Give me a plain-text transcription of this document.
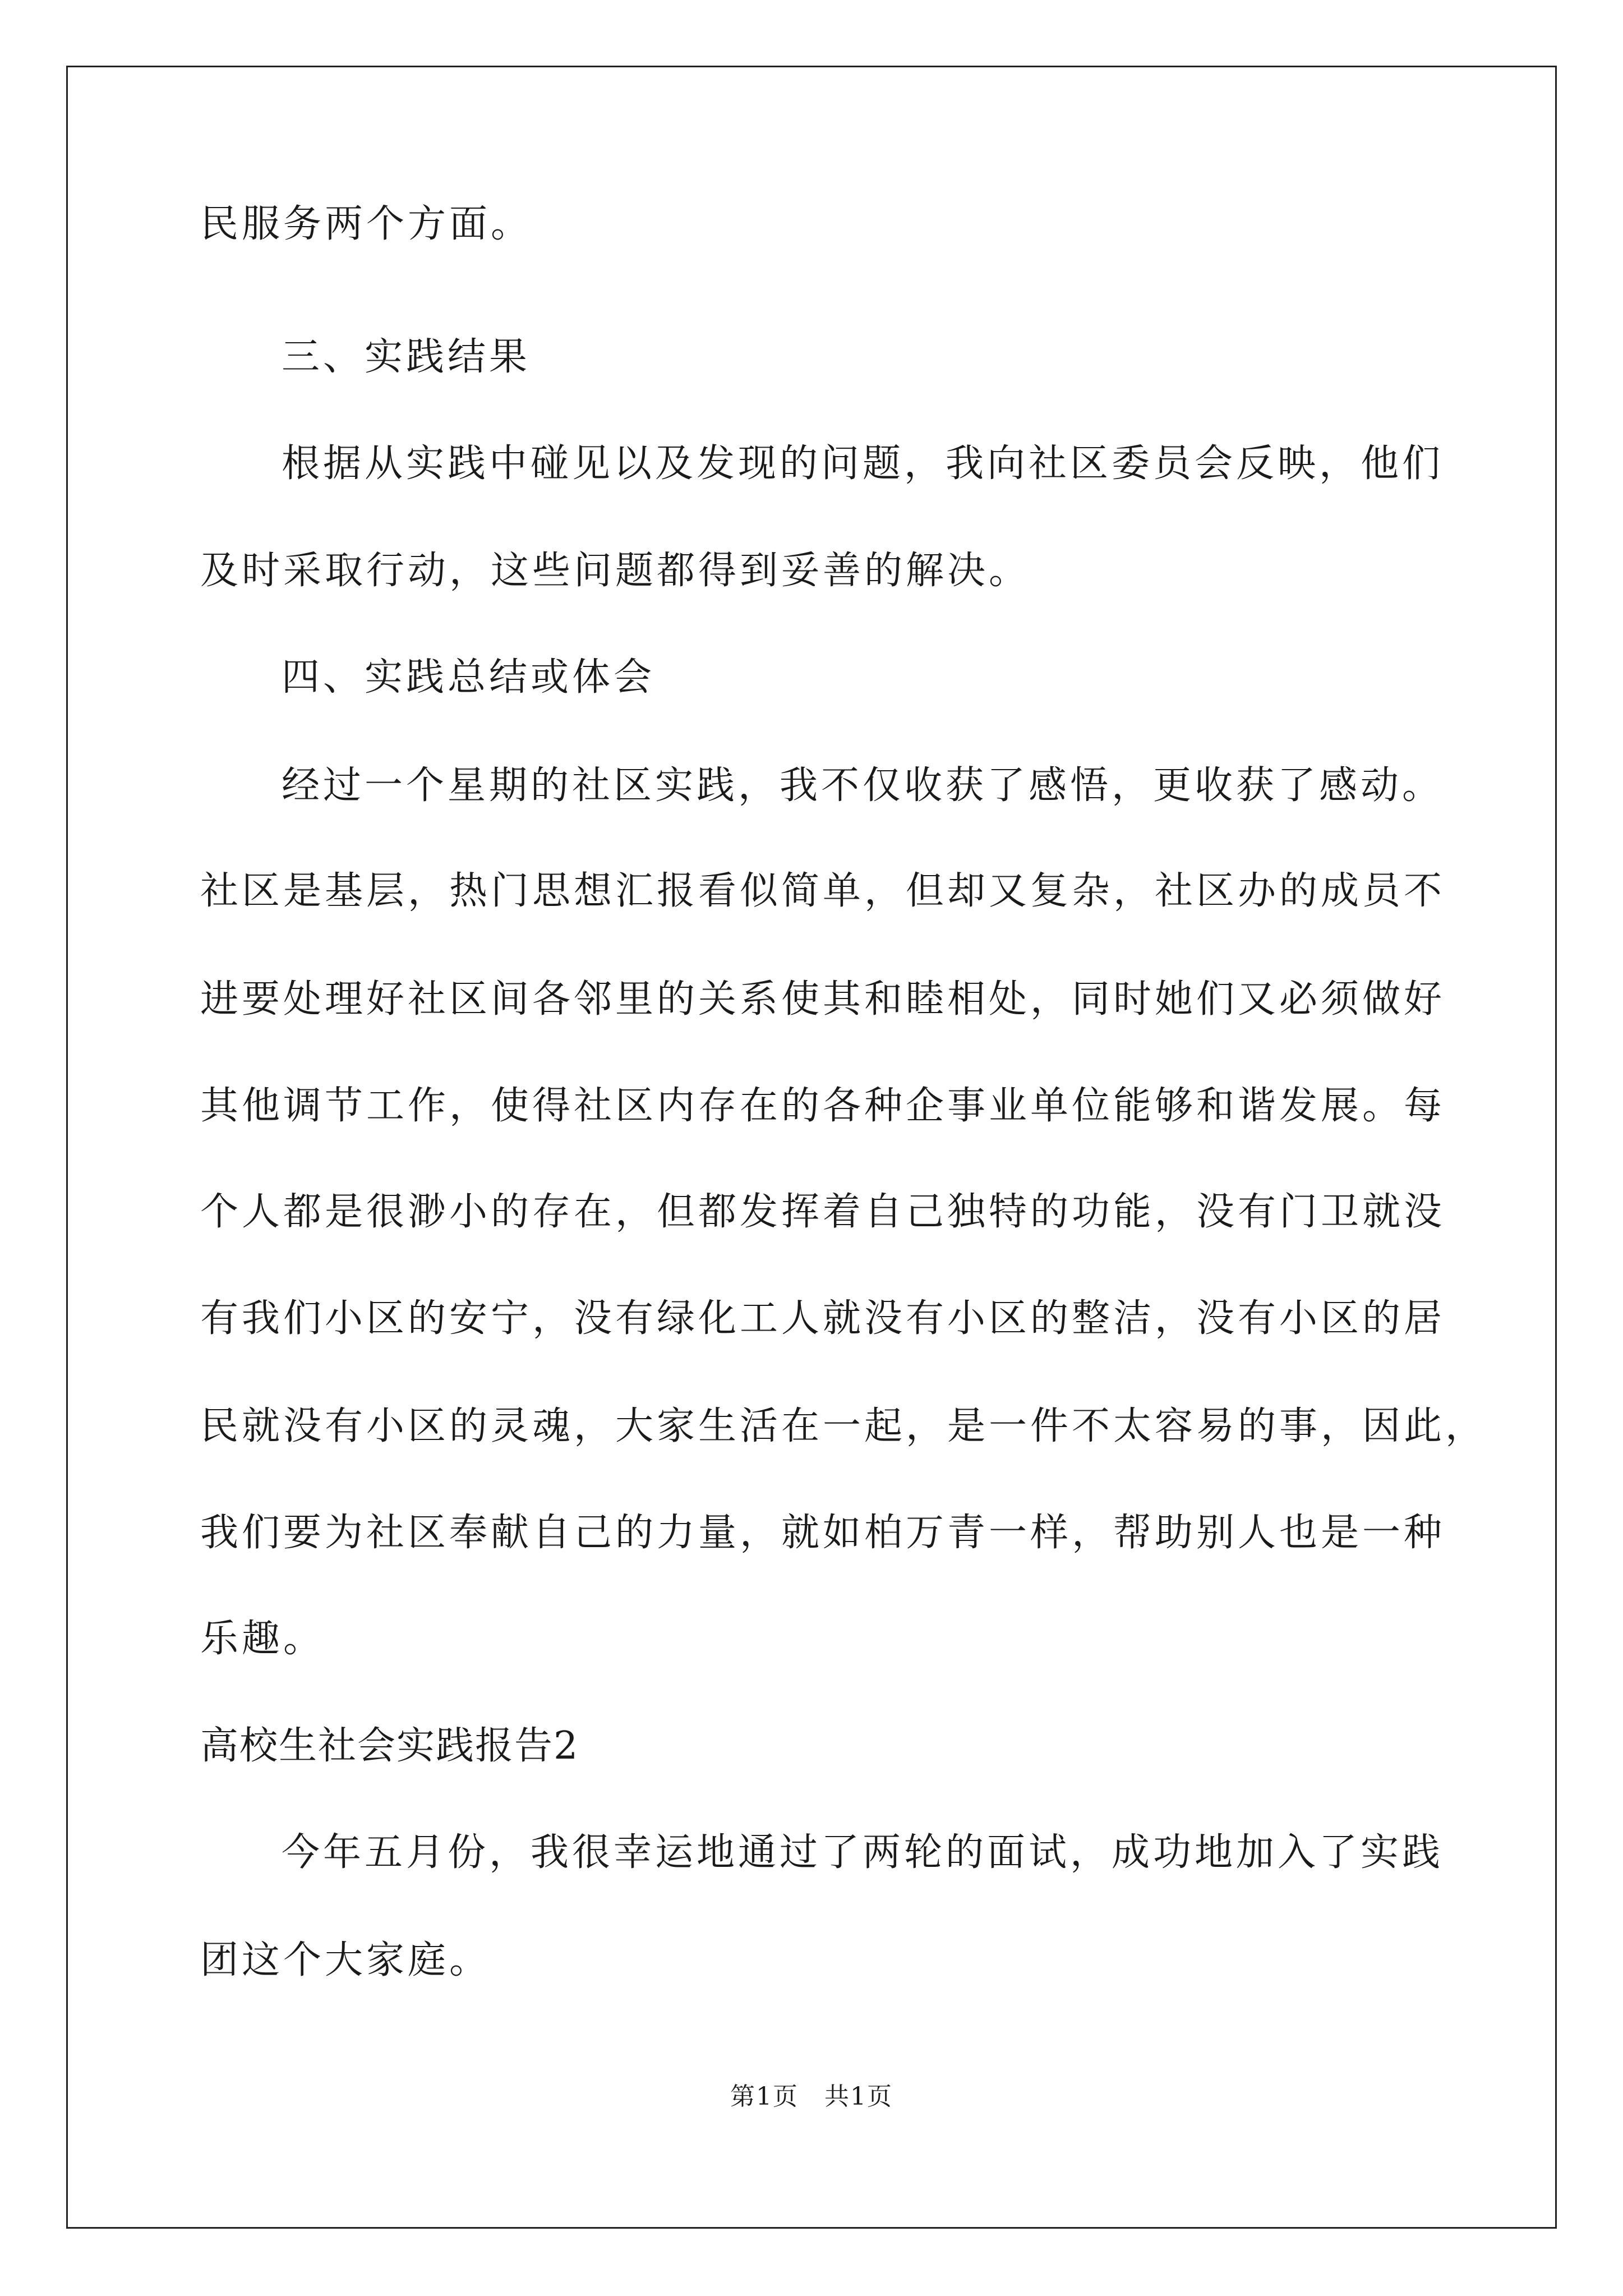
民服务两个方面。
三、实践结果
根据从实践中碰见以及发现的问题，我向社区委员会反映，他们
及时采取行动，这些问题都得到妥善的解决。
四、实践总结或体会
经过一个星期的社区实践，我不仅收获了感悟，更收获了感动。
社区是基层，热门思想汇报看似简单，但却又复杂，社区办的成员不
进要处理好社区间各邻里的关系使其和睦相处，同时她们又必须做好
其他调节工作，使得社区内存在的各种企事业单位能够和谐发展。每
个人都是很渺小的存在，但都发挥着自己独特的功能，没有门卫就没
有我们小区的安宁，没有绿化工人就没有小区的整洁，没有小区的居
民就没有小区的灵魂，大家生活在一起，是一件不太容易的事，因此，
我们要为社区奉献自己的力量，就如柏万青一样，帮助别人也是一种
乐趣。
高校生社会实践报告2
今年五月份，我很幸运地通过了两轮的面试，成功地加入了实践
团这个大家庭。
第1页　共1页
